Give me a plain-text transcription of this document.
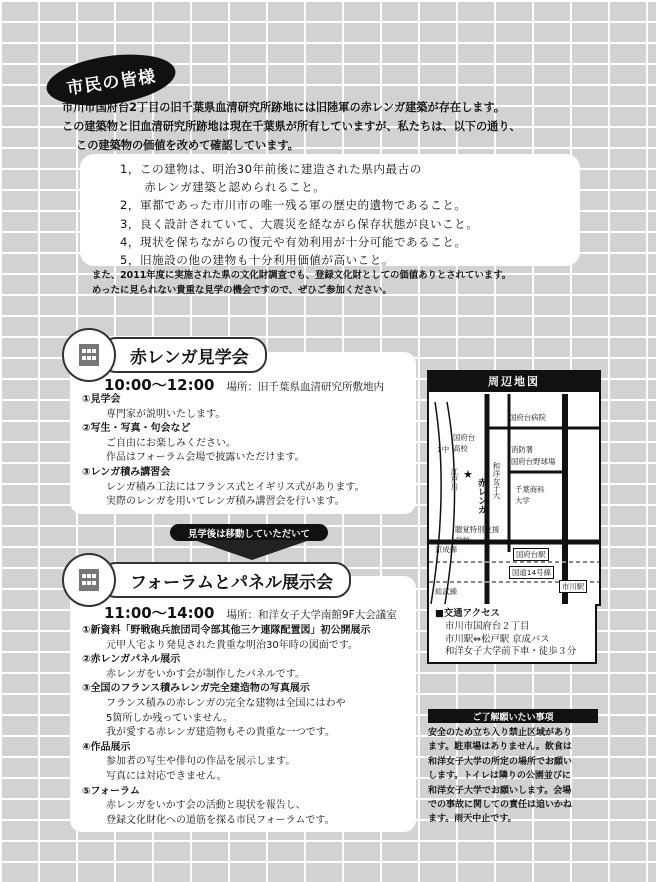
市民の皆様
市川市国府台2丁目の旧千葉県血清研究所跡地には旧陸軍の赤レンガ建築が存在します。
この建築物と旧血清研究所跡地は現在千葉県が所有していますが、私たちは、以下の通り、
この建築物の価値を改めて確認しています。
1，この建物は、明治30年前後に建造された県内最古の
　　赤レンガ建築と認められること。
2，軍都であった市川市の唯一残る軍の歴史的遺物であること。
3，良く設計されていて、大震災を経ながら保存状態が良いこと。
4，現状を保ちながらの復元や有効利用が十分可能であること。
5，旧施設の他の建物も十分利用価値が高いこと。
また、2011年度に実施された県の文化財調査でも、登録文化財としての価値ありとされています。
めったに見られない貴重な見学の機会ですので、ぜひご参加ください。
赤レンガ見学会
10:00〜12:00 場所：旧千葉県血清研究所敷地内
①見学会
専門家が説明いたします。
②写生・写真・句会など
ご自由にお楽しみください。
作品はフォーラム会場で披露いただけます。
③レンガ積み講習会
レンガ積み工法にはフランス式とイギリス式があります。
実際のレンガを用いてレンガ積み講習会を行います。
見学後は移動していただいて
フォーラムとパネル展示会
11:00〜14:00 場所：和洋女子大学南館9F大会議室
①新資料「野戦砲兵旅団司令部其他三ケ連隊配置図」初公開展示
元甲人宅より発見された貴重な明治30年時の図面です。
②赤レンガパネル展示
赤レンガをいかす会が制作したパネルです。
③全国のフランス積みレンガ完全建造物の写真展示
フランス積みの赤レンガの完全な建物は全国にはわや
5箇所しか残っていません。
我が愛する赤レンガ建造物もその貴重な一つです。
④作品展示
参加者の写生や俳句の作品を展示します。
写真には対応できません。
⑤フォーラム
赤レンガをいかす会の活動と現状を報告し、
登録文化財化への道筋を探る市民フォーラムです。
国府台病院
国府台
高校	消防署
国府台野球場
和洋女子大 千葉商科
大学
★
赤レンガ
聴覚特別支援
学校
京成線
国府台駅
国道14号線
総武線
市川駅
江戸川
1中
周辺地図
■交通アクセス
市川市国府台２丁目
市川駅⇔松戸駅 京成バス
和洋女子大学前下車・徒歩３分
ご了解願いたい事項
安全のため立ち入り禁止区域があり
ます。駐車場はありません。飲食は
和洋女子大学の所定の場所でお願い
します。トイレは隣りの公園並びに
和洋女子大学でお願いします。会場
での事故に関しての責任は追いかね
ます。雨天中止です。
